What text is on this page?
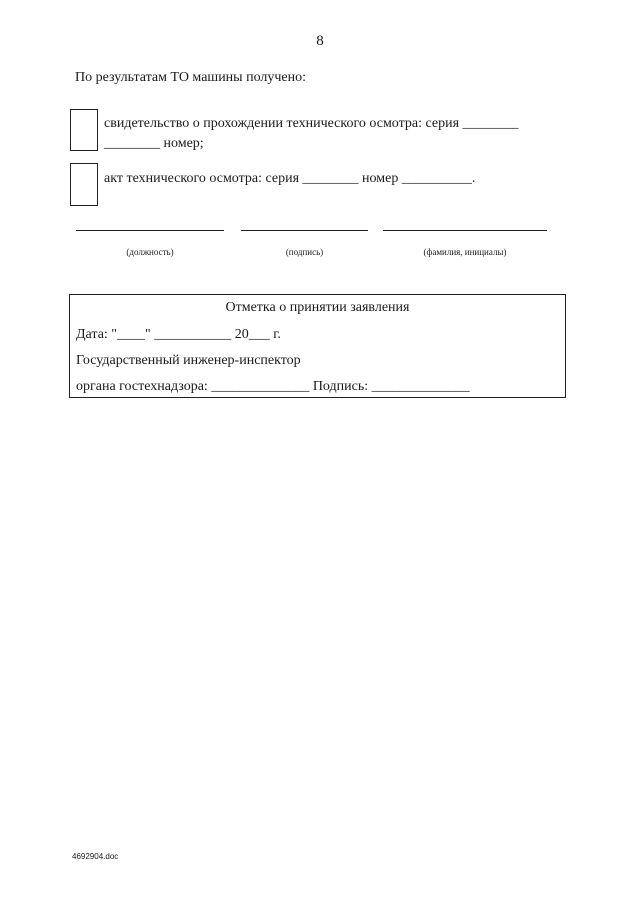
8
По результатам ТО машины получено:
свидетельство о прохождении технического осмотра: серия ________
________ номер;
акт технического осмотра: серия ________ номер __________.
(должность)	(подпись)	(фамилия, инициалы)
Отметка о принятии заявления
Дата: "____" ___________ 20___ г.
Государственный инженер-инспектор
органа гостехнадзора: ______________ Подпись: ______________
4692904.doc
